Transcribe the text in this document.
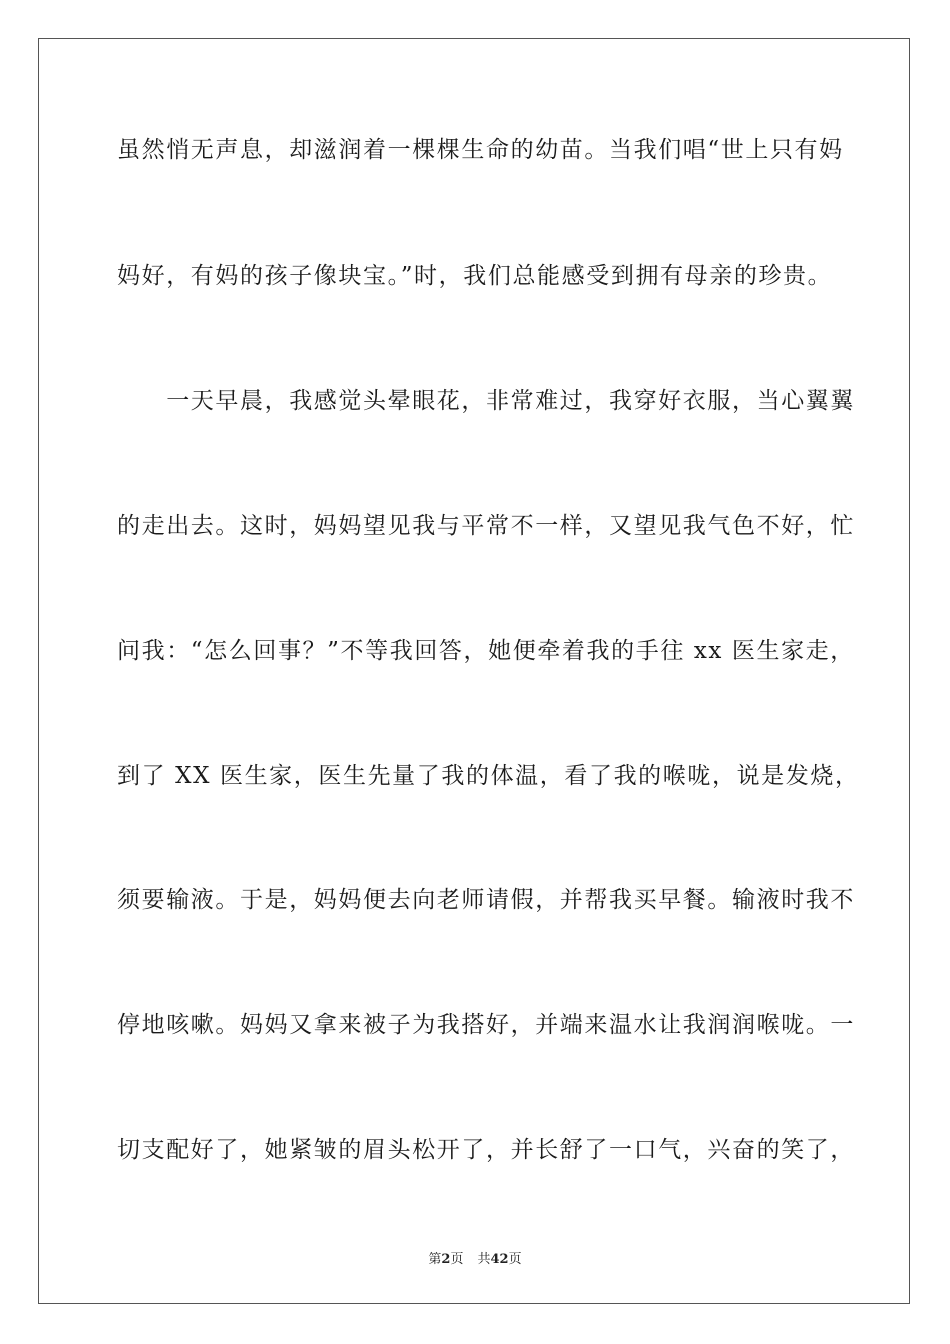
虽然悄无声息，却滋润着一棵棵生命的幼苗。当我们唱“世上只有妈
妈好，有妈的孩子像块宝。”时，我们总能感受到拥有母亲的珍贵。
　　一天早晨，我感觉头晕眼花，非常难过，我穿好衣服，当心翼翼
的走出去。这时，妈妈望见我与平常不一样，又望见我气色不好，忙
问我：“怎么回事？”不等我回答，她便牵着我的手往 xx 医生家走，
到了 XX 医生家，医生先量了我的体温，看了我的喉咙，说是发烧，
须要输液。于是，妈妈便去向老师请假，并帮我买早餐。输液时我不
停地咳嗽。妈妈又拿来被子为我搭好，并端来温水让我润润喉咙。一
切支配好了，她紧皱的眉头松开了，并长舒了一口气，兴奋的笑了，
第2页 共42页
